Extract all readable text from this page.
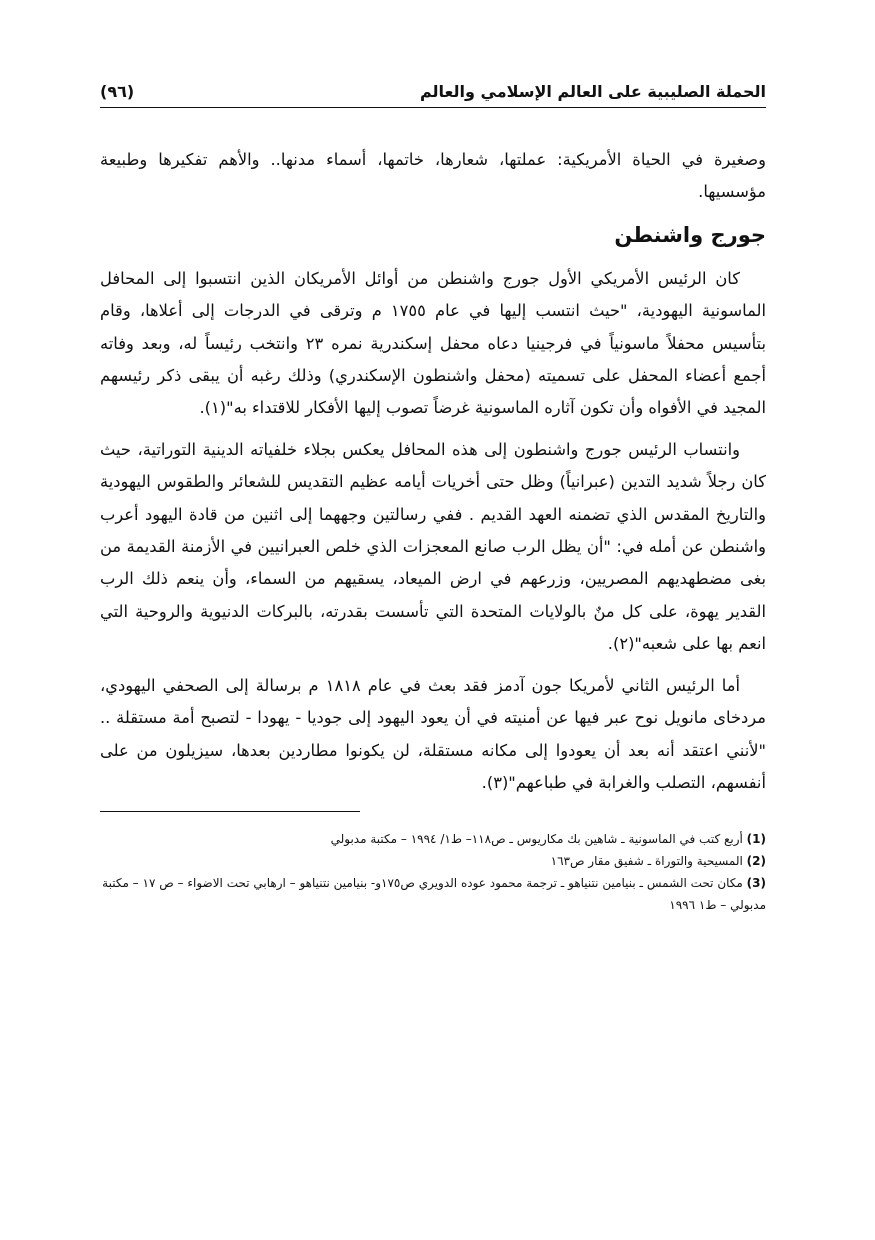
الحملة الصليبية على العالم الإسلامي والعالم
(٩٦)

وصغيرة في الحياة الأمريكية: عملتها، شعارها، خاتمها، أسماء مدنها.. والأهم تفكيرها وطبيعة مؤسسيها.

جورج واشنطن

كان الرئيس الأمريكي الأول جورج واشنطن من أوائل الأمريكان الذين انتسبوا إلى المحافل الماسونية اليهودية، "حيث انتسب إليها في عام ١٧٥٥ م وترقى في الدرجات إلى أعلاها، وقام بتأسيس محفلاً ماسونياً في فرجينيا دعاه محفل إسكندرية نمره ٢٣ وانتخب رئيساً له، وبعد وفاته أجمع أعضاء المحفل على تسميته (محفل واشنطون الإسكندري) وذلك رغبه أن يبقى ذكر رئيسهم المجيد في الأفواه وأن تكون آثاره الماسونية غرضاً تصوب إليها الأفكار للاقتداء به"(١).

وانتساب الرئيس جورج واشنطون إلى هذه المحافل يعكس بجلاء خلفياته الدينية التوراتية، حيث كان رجلاً شديد التدين (عبرانياً) وظل حتى أخريات أيامه عظيم التقديس للشعائر والطقوس اليهودية والتاريخ المقدس الذي تضمنه العهد القديم . ففي رسالتين وجههما إلى اثنين من قادة اليهود أعرب واشنطن عن أمله في: "أن يظل الرب صانع المعجزات الذي خلص العبرانيين في الأزمنة القديمة من بغى مضطهديهم المصريين، وزرعهم في ارض الميعاد، يسقيهم من السماء، وأن ينعم ذلك الرب القدير يهوة، على كل منٌ بالولايات المتحدة التي تأسست بقدرته، بالبركات الدنيوية والروحية التي انعم بها على شعبه"(٢).

أما الرئيس الثاني لأمريكا جون آدمز فقد بعث في عام ١٨١٨ م برسالة إلى الصحفي اليهودي، مردخاى مانويل نوح عبر فيها عن أمنيته في أن يعود اليهود إلى جوديا - يهودا - لتصبح أمة مستقلة .. "لأنني اعتقد أنه بعد أن يعودوا إلى مكانه مستقلة، لن يكونوا مطاردين بعدها، سيزيلون من على أنفسهم، التصلب والغرابة في طباعهم"(٣).

(1) أربع كتب في الماسونية ـ شاهين بك مكاريوس ـ ص١١٨– ط١/ ١٩٩٤ – مكتبة مدبولي

(2) المسيحية والتوراة ـ شفيق مقار ص١٦٣

(3) مكان تحت الشمس ـ بنيامين نتنياهو ـ ترجمة محمود عوده الدويري ص١٧٥و- بنيامين نتنياهو – ارهابي تحت الاضواء – ص ١٧ – مكتبة مدبولي – ط١ ١٩٩٦
